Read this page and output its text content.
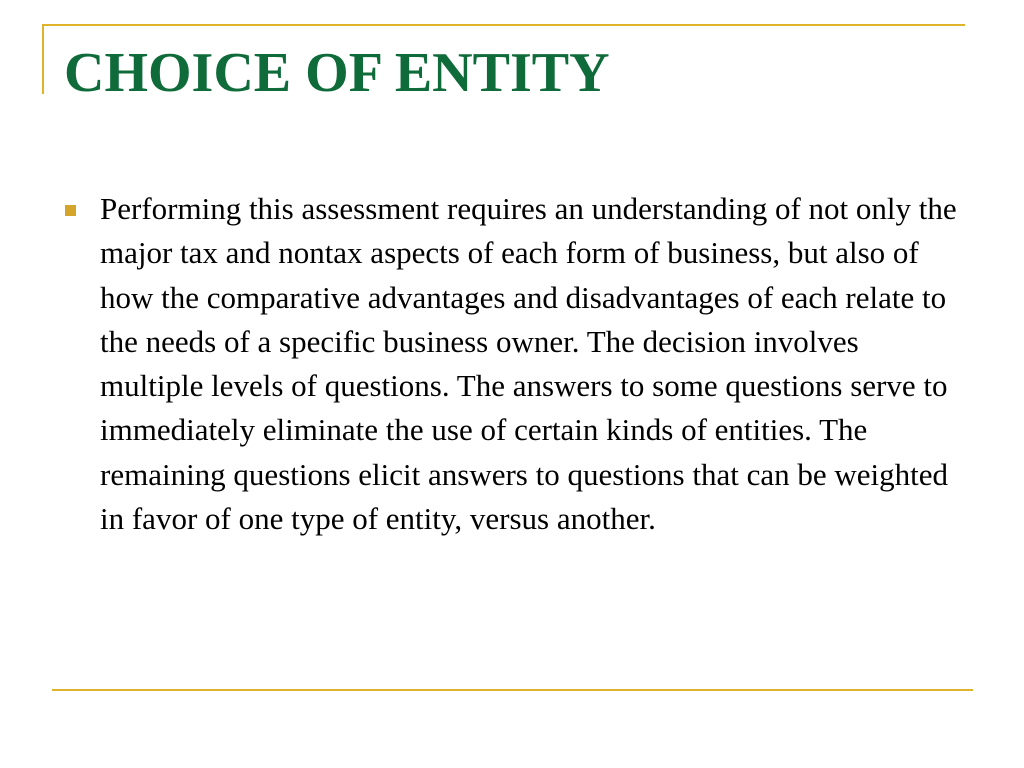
CHOICE OF ENTITY
Performing this assessment requires an understanding of not only the major tax and nontax aspects of each form of business, but also of how the comparative advantages and disadvantages of each relate to the needs of a specific business owner. The decision involves multiple levels of questions. The answers to some questions serve to immediately eliminate the use of certain kinds of entities. The remaining questions elicit answers to questions that can be weighted in favor of one type of entity, versus another.
